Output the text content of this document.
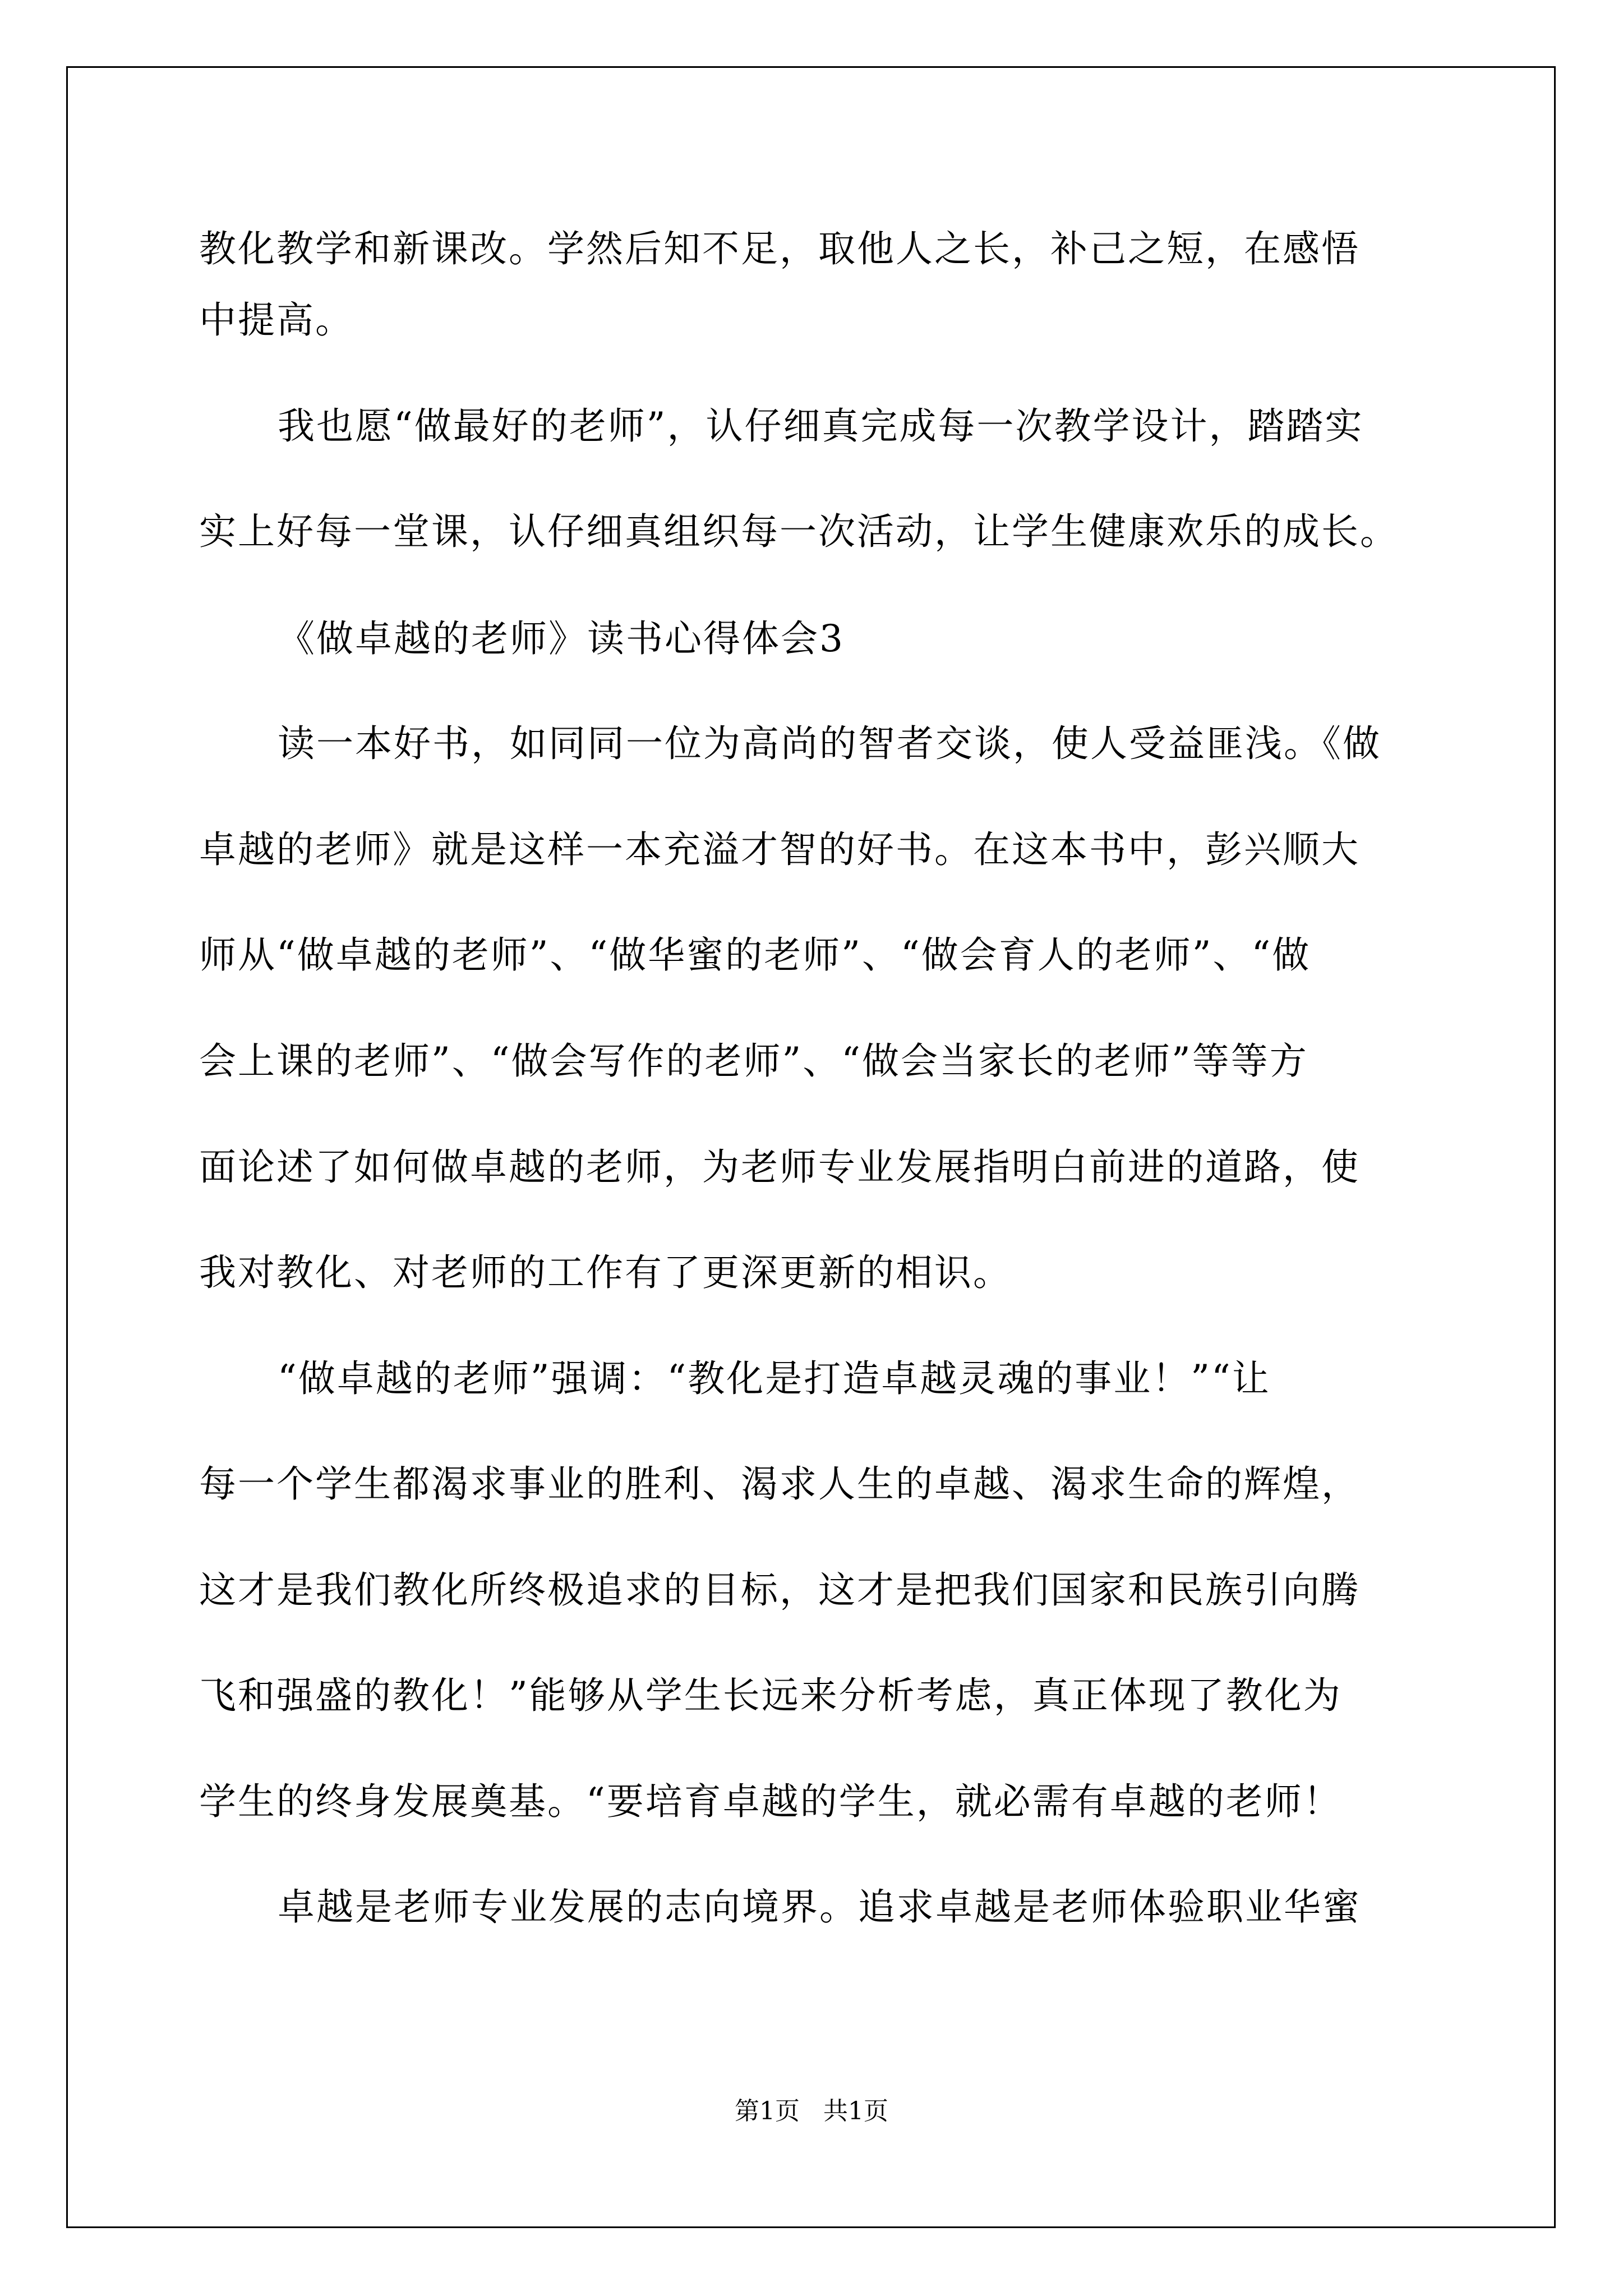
教化教学和新课改。学然后知不足，取他人之长，补己之短，在感悟
中提高。
我也愿“做最好的老师”，认仔细真完成每一次教学设计，踏踏实
实上好每一堂课，认仔细真组织每一次活动，让学生健康欢乐的成长。
《做卓越的老师》读书心得体会3
读一本好书，如同同一位为高尚的智者交谈，使人受益匪浅。《做
卓越的老师》就是这样一本充溢才智的好书。在这本书中，彭兴顺大
师从“做卓越的老师”、“做华蜜的老师”、“做会育人的老师”、“做
会上课的老师”、“做会写作的老师”、“做会当家长的老师”等等方
面论述了如何做卓越的老师，为老师专业发展指明白前进的道路，使
我对教化、对老师的工作有了更深更新的相识。
“做卓越的老师”强调：“教化是打造卓越灵魂的事业！”“让
每一个学生都渴求事业的胜利、渴求人生的卓越、渴求生命的辉煌，
这才是我们教化所终极追求的目标，这才是把我们国家和民族引向腾
飞和强盛的教化！”能够从学生长远来分析考虑，真正体现了教化为
学生的终身发展奠基。“要培育卓越的学生，就必需有卓越的老师！
卓越是老师专业发展的志向境界。追求卓越是老师体验职业华蜜
第1页   共1页
